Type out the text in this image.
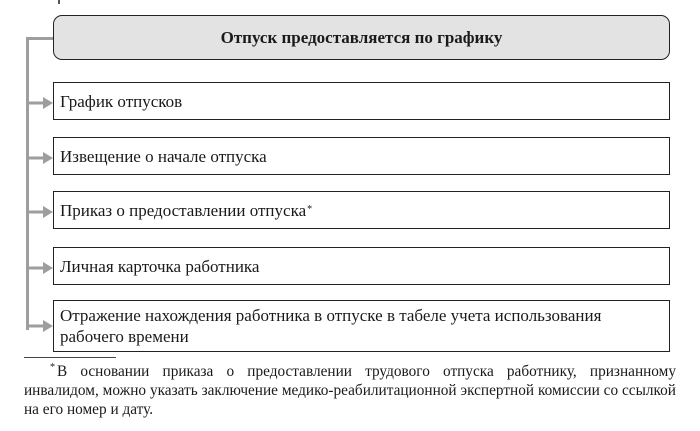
Отпуск предоставляется по графику
График отпусков
Извещение о начале отпуска
Приказ о предоставлении отпуска *
Личная карточка работника
Отражение нахождения работника в отпуске в табеле учета использования рабочего времени
* В основании приказа о предоставлении трудового отпуска работнику, признанному инвалидом, можно указать заключение медико-реабилитационной экспертной комиссии со ссылкой на его номер и дату.
